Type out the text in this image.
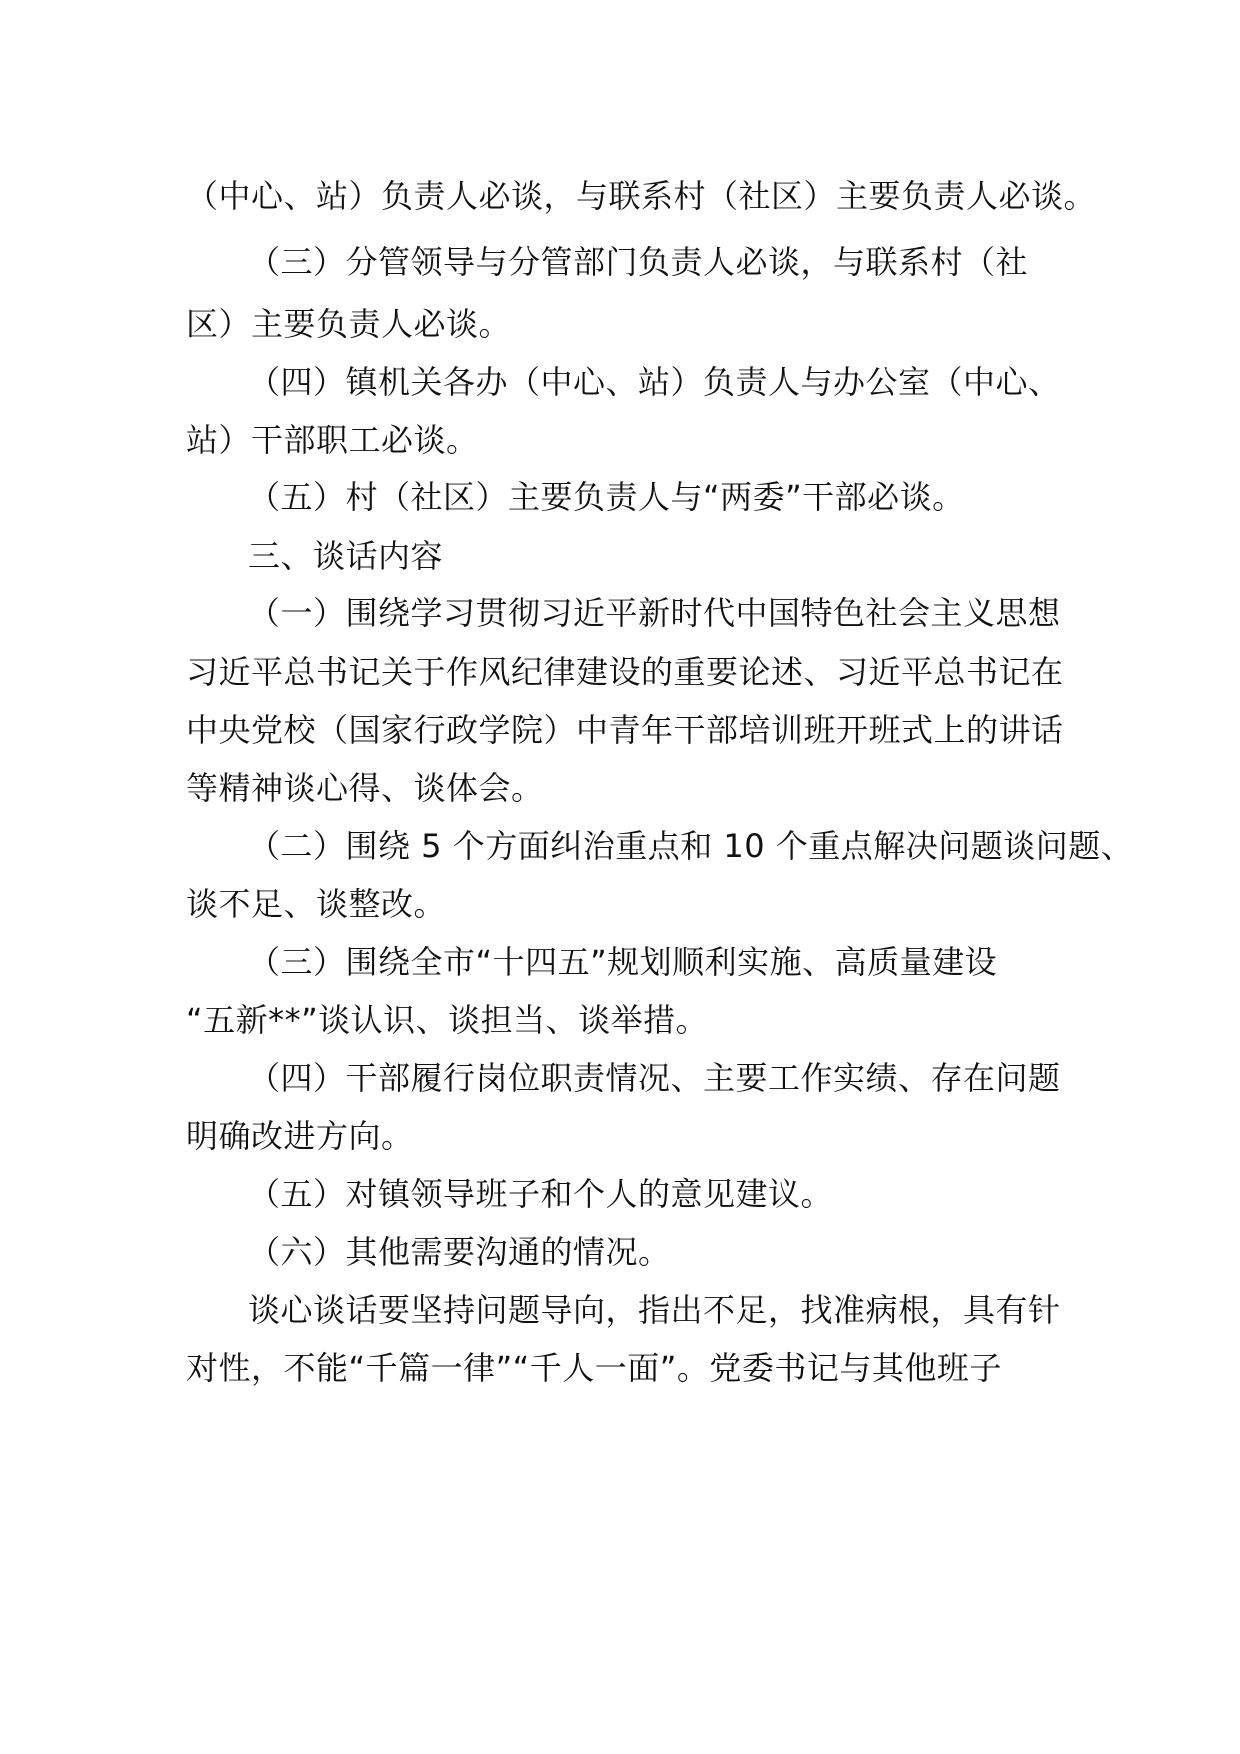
（中心、站）负责人必谈，与联系村（社区）主要负责人必谈。
（三）分管领导与分管部门负责人必谈，与联系村（社
区）主要负责人必谈。
（四）镇机关各办（中心、站）负责人与办公室（中心、
站）干部职工必谈。
（五）村（社区）主要负责人与“两委”干部必谈。
三、谈话内容
（一）围绕学习贯彻习近平新时代中国特色社会主义思想
习近平总书记关于作风纪律建设的重要论述、习近平总书记在
中央党校（国家行政学院）中青年干部培训班开班式上的讲话
等精神谈心得、谈体会。
（二）围绕 5 个方面纠治重点和 10 个重点解决问题谈问题、
谈不足、谈整改。
（三）围绕全市“十四五”规划顺利实施、高质量建设
“五新**”谈认识、谈担当、谈举措。
（四）干部履行岗位职责情况、主要工作实绩、存在问题
明确改进方向。
（五）对镇领导班子和个人的意见建议。
（六）其他需要沟通的情况。
谈心谈话要坚持问题导向，指出不足，找准病根，具有针
对性，不能“千篇一律”“千人一面”。党委书记与其他班子
